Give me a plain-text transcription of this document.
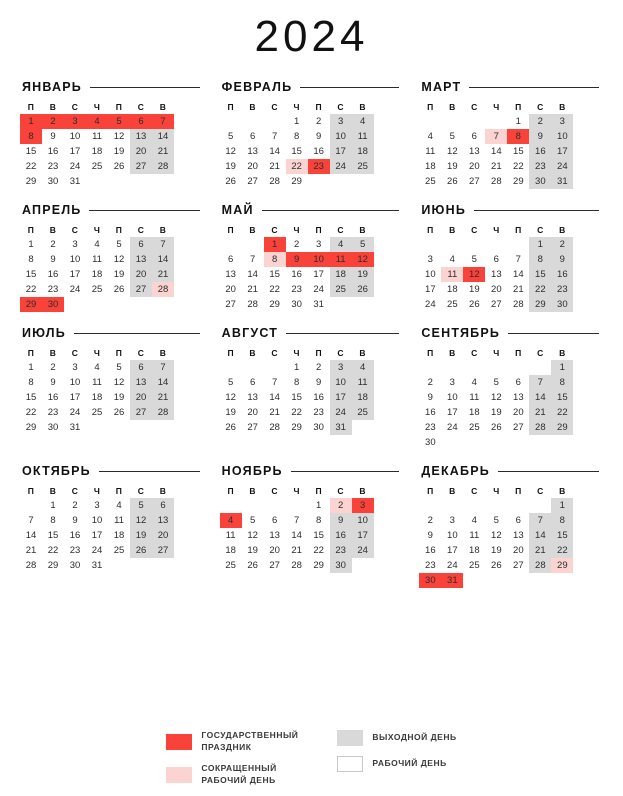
2024
ЯНВАРЬ
П	В	С	Ч	П	С	В
1	2	3	4	5	6	7
8	9	10	11	12	13	14
15	16	17	18	19	20	21
22	23	24	25	26	27	28
29	30	31				
ФЕВРАЛЬ
П	В	С	Ч	П	С	В
			1	2	3	4
5	6	7	8	9	10	11
12	13	14	15	16	17	18
19	20	21	22	23	24	25
26	27	28	29			
МАРТ
П	В	С	Ч	П	С	В
				1	2	3
4	5	6	7	8	9	10
11	12	13	14	15	16	17
18	19	20	21	22	23	24
25	26	27	28	29	30	31
АПРЕЛЬ
П	В	С	Ч	П	С	В
1	2	3	4	5	6	7
8	9	10	11	12	13	14
15	16	17	18	19	20	21
22	23	24	25	26	27	28
29	30					
МАЙ
П	В	С	Ч	П	С	В
		1	2	3	4	5
6	7	8	9	10	11	12
13	14	15	16	17	18	19
20	21	22	23	24	25	26
27	28	29	30	31		
ИЮНЬ
П	В	С	Ч	П	С	В
					1	2
3	4	5	6	7	8	9
10	11	12	13	14	15	16
17	18	19	20	21	22	23
24	25	26	27	28	29	30
ИЮЛЬ
П	В	С	Ч	П	С	В
1	2	3	4	5	6	7
8	9	10	11	12	13	14
15	16	17	18	19	20	21
22	23	24	25	26	27	28
29	30	31				
АВГУСТ
П	В	С	Ч	П	С	В
			1	2	3	4
5	6	7	8	9	10	11
12	13	14	15	16	17	18
19	20	21	22	23	24	25
26	27	28	29	30	31	
СЕНТЯБРЬ
П	В	С	Ч	П	С	В
						1
2	3	4	5	6	7	8
9	10	11	12	13	14	15
16	17	18	19	20	21	22
23	24	25	26	27	28	29
30						
ОКТЯБРЬ
П	В	С	Ч	П	С	В
	1	2	3	4	5	6
7	8	9	10	11	12	13
14	15	16	17	18	19	20
21	22	23	24	25	26	27
28	29	30	31			
НОЯБРЬ
П	В	С	Ч	П	С	В
				1	2	3
4	5	6	7	8	9	10
11	12	13	14	15	16	17
18	19	20	21	22	23	24
25	26	27	28	29	30	
ДЕКАБРЬ
П	В	С	Ч	П	С	В
						1
2	3	4	5	6	7	8
9	10	11	12	13	14	15
16	17	18	19	20	21	22
23	24	25	26	27	28	29
30	31					
ГОСУДАРСТВЕННЫЙ ПРАЗДНИК
СОКРАЩЕННЫЙ РАБОЧИЙ ДЕНЬ
ВЫХОДНОЙ ДЕНЬ
РАБОЧИЙ ДЕНЬ
